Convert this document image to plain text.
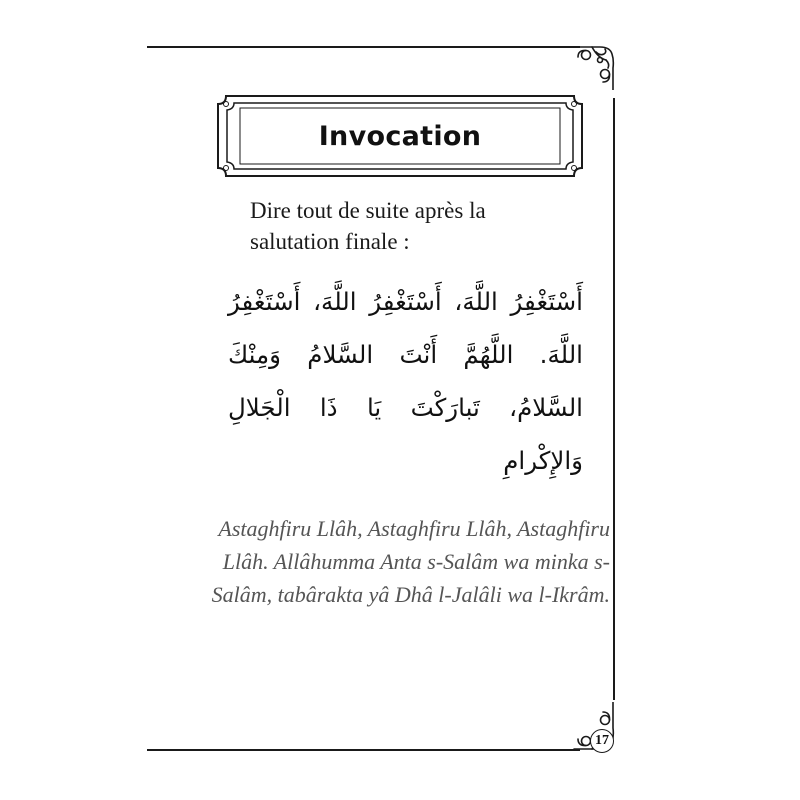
Invocation
Dire tout de suite après la salutation finale :
أَسْتَغْفِرُ اللَّهَ، أَسْتَغْفِرُ اللَّهَ، أَسْتَغْفِرُ اللَّهَ. اللَّهُمَّ أَنْتَ السَّلامُ وَمِنْكَ السَّلامُ، تَبارَكْتَ يَا ذَا الْجَلالِ وَالإِكْرامِ
Astaghfiru Llâh, Astaghfiru Llâh, Astaghfiru Llâh. Allâhumma Anta s-Salâm wa minka s-Salâm, tabârakta yâ Dhâ l-Jalâli wa l-Ikrâm.
17
